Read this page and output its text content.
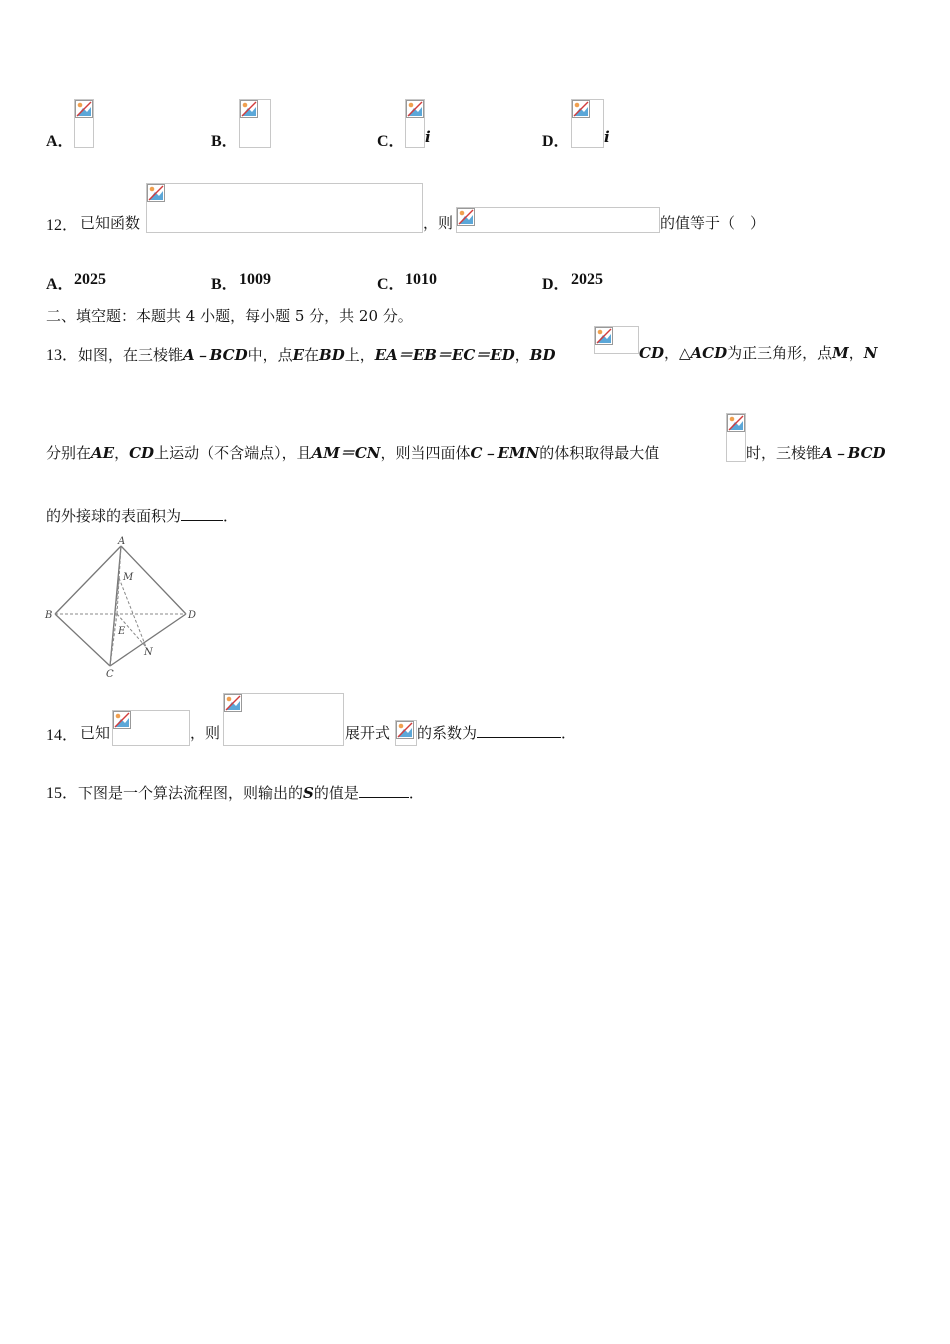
A．	B．	C． i	D． i
12． 已知函数	，则	的值等于（　）
A． 2025	B． 1009	C． 1010	D． 2025
二、填空题：本题共 4 小题，每小题 5 分，共 20 分。
13．如图，在三棱锥A﹣BCD中，点E在BD上，EA＝EB＝EC＝ED，BD	CD，△ACD为正三角形，点M，N
分别在AE，CD上运动（不含端点），且AM＝CN，则当四面体C﹣EMN的体积取得最大值	时，三棱锥A﹣BCD
的外接球的表面积为	．
A
B
C
D
M
E
N
14． 已知	，则	展开式 的系数为	．
15．下图是一个算法流程图，则输出的S的值是	．
